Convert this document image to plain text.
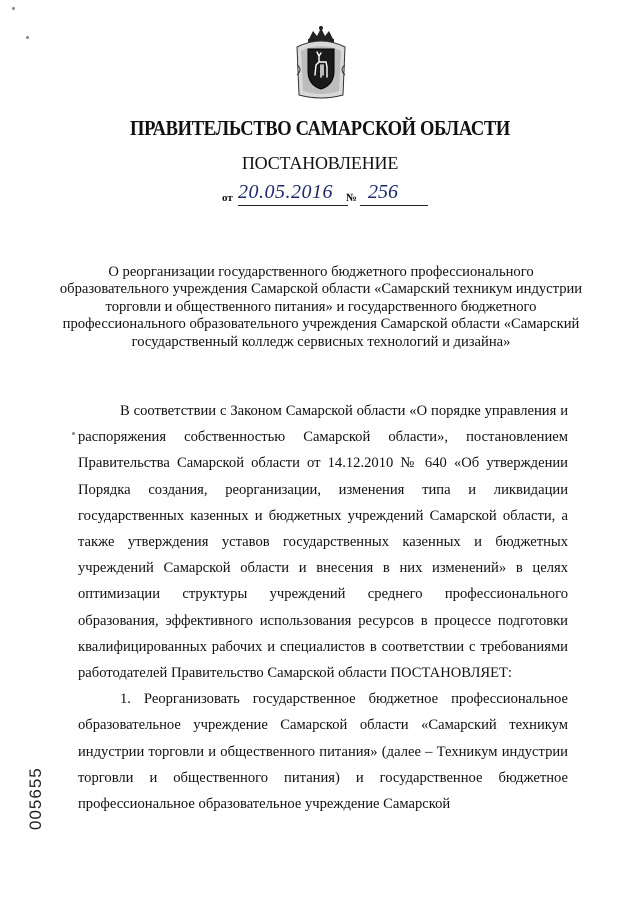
ПРАВИТЕЛЬСТВО САМАРСКОЙ ОБЛАСТИ
ПОСТАНОВЛЕНИЕ
от 20.05.2016 № 256
О реорганизации государственного бюджетного профессионального образовательного учреждения Самарской области «Самарский техникум индустрии торговли и общественного питания» и государственного бюджетного профессионального образовательного учреждения Самарской области «Самарский государственный колледж сервисных технологий и дизайна»

В соответствии с Законом Самарской области «О порядке управления и распоряжения собственностью Самарской области», постановлением Правительства Самарской области от 14.12.2010 № 640 «Об утверждении Порядка создания, реорганизации, изменения типа и ликвидации государственных казенных и бюджетных учреждений Самарской области, а также утверждения уставов государственных казенных и бюджетных учреждений Самарской области и внесения в них изменений» в целях оптимизации структуры учреждений среднего профессионального образования, эффективного использования ресурсов в процессе подготовки квалифицированных рабочих и специалистов в соответствии с требованиями работодателей Правительство Самарской области ПОСТАНОВЛЯЕТ:

1. Реорганизовать государственное бюджетное профессиональное образовательное учреждение Самарской области «Самарский техникум индустрии торговли и общественного питания» (далее – Техникум индустрии торговли и общественного питания) и государственное бюджетное профессиональное образовательное учреждение Самарской

005655
